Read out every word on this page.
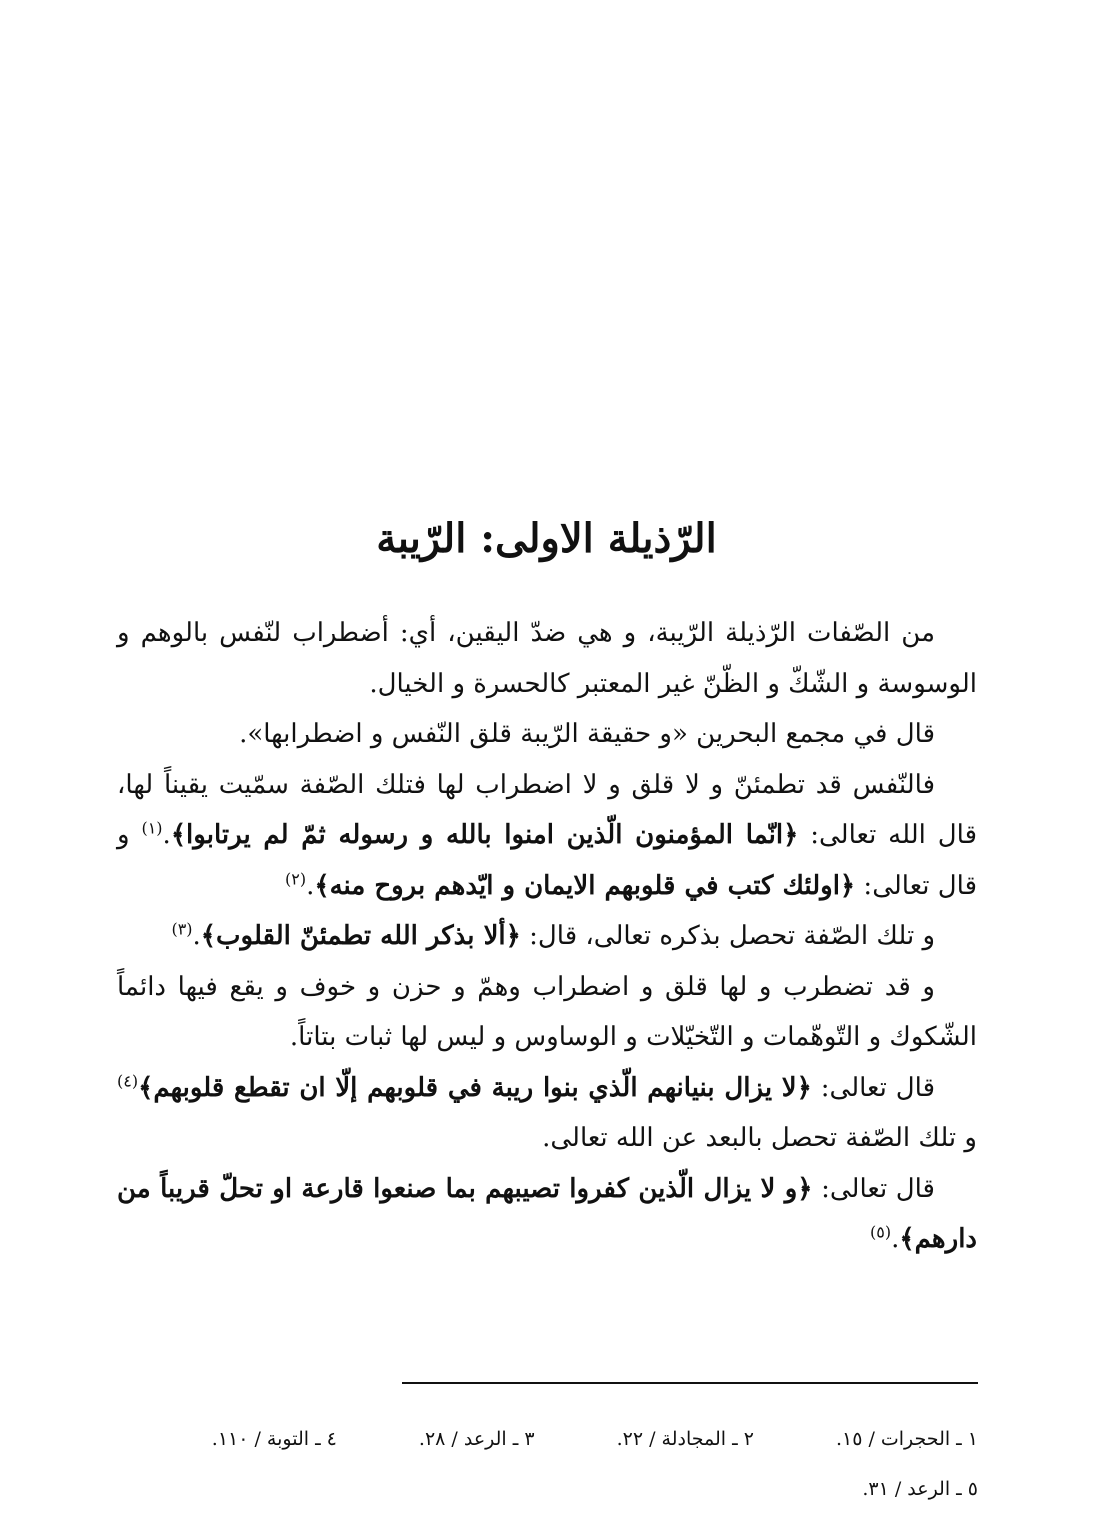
الرّذيلة الاولى: الرّيبة

من الصّفات الرّذيلة الرّيبة، و هي ضدّ اليقين، أي: أضطراب لنّفس بالوهم و الوسوسة و الشّكّ و الظّنّ غير المعتبر كالحسرة و الخيال.

قال في مجمع البحرين «و حقيقة الرّيبة قلق النّفس و اضطرابها».

فالنّفس قد تطمئنّ و لا قلق و لا اضطراب لها فتلك الصّفة سمّيت يقيناً لها، قال الله تعالى: ﴿انّما المؤمنون الّذين امنوا بالله و رسوله ثمّ لم يرتابوا﴾.$^{(١)}$ و قال تعالى: ﴿اولئك كتب في قلوبهم الايمان و ايّدهم بروح منه﴾.$^{(٢)}$

و تلك الصّفة تحصل بذكره تعالى، قال: ﴿ألا بذكر الله تطمئنّ القلوب﴾.$^{(٣)}$

و قد تضطرب و لها قلق و اضطراب وهمّ و حزن و خوف و يقع فيها دائماً الشّكوك و التّوهّمات و التّخيّلات و الوساوس و ليس لها ثبات بتاتاً.

قال تعالى: ﴿لا يزال بنيانهم الّذي بنوا ريبة في قلوبهم إلّا ان تقطع قلوبهم﴾$^{(٤)}$ و تلك الصّفة تحصل بالبعد عن الله تعالى.

قال تعالى: ﴿و لا يزال الّذين كفروا تصيبهم بما صنعوا قارعة او تحلّ قريباً من دارهم﴾.$^{(٥)}$

١ ـ الحجرات / ١٥.
٢ ـ المجادلة / ٢٢.
٣ ـ الرعد / ٢٨.
٤ ـ التوبة / ١١٠.
٥ ـ الرعد / ٣١.
